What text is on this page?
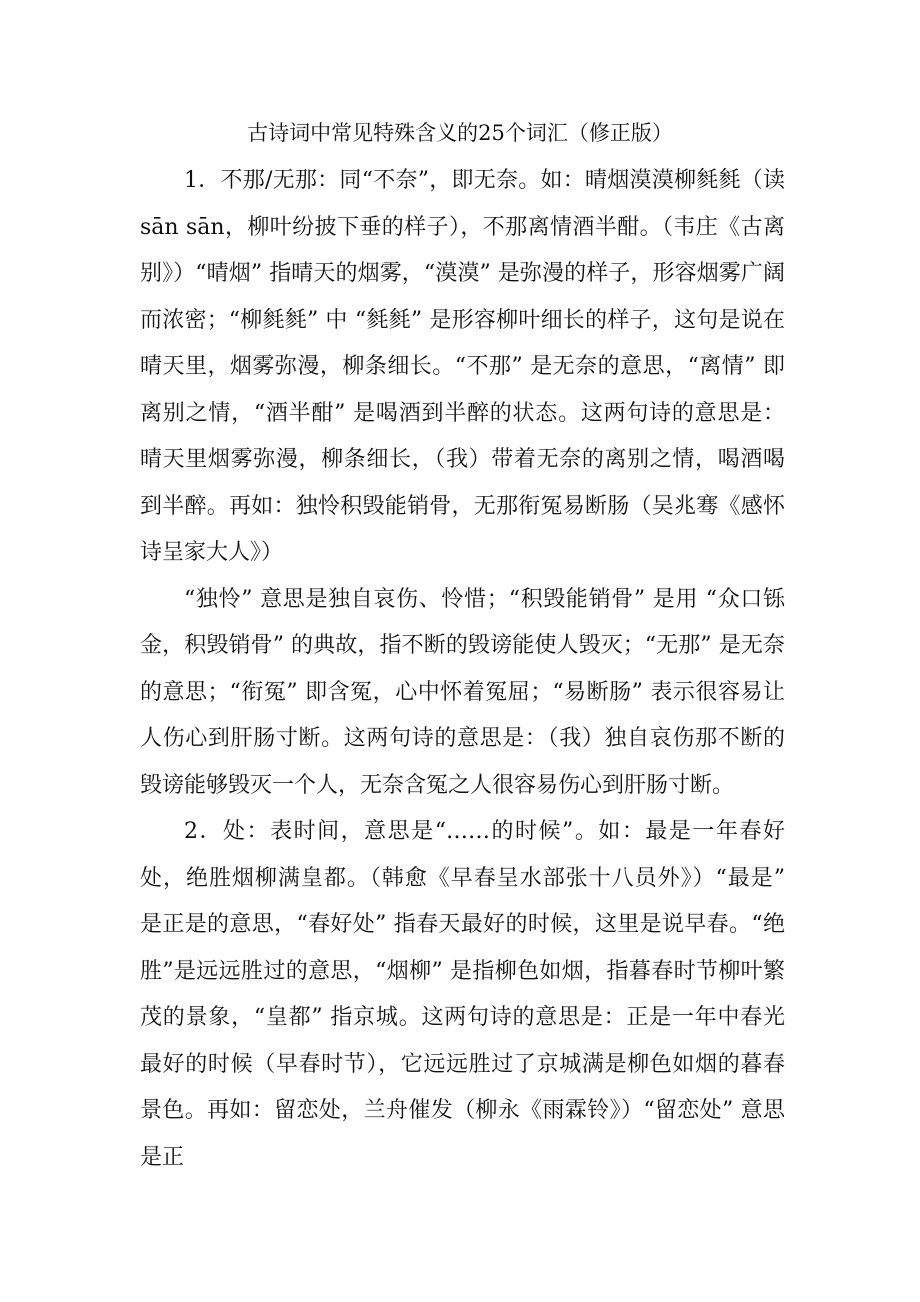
古诗词中常见特殊含义的25个词汇（修正版）

1．不那/无那：同“不奈”，即无奈。如：晴烟漠漠柳毵毵（读sān sān，柳叶纷披下垂的样子），不那离情酒半酣。（韦庄《古离别》）“晴烟” 指晴天的烟雾，“漠漠” 是弥漫的样子，形容烟雾广阔而浓密；“柳毵毵” 中 “毵毵” 是形容柳叶细长的样子，这句是说在晴天里，烟雾弥漫，柳条细长。“不那” 是无奈的意思，“离情” 即离别之情，“酒半酣” 是喝酒到半醉的状态。这两句诗的意思是：晴天里烟雾弥漫，柳条细长，（我）带着无奈的离别之情，喝酒喝到半醉。再如：独怜积毁能销骨，无那衔冤易断肠（吴兆骞《感怀诗呈家大人》）

“独怜” 意思是独自哀伤、怜惜；“积毁能销骨” 是用 “众口铄金，积毁销骨” 的典故，指不断的毁谤能使人毁灭；“无那” 是无奈的意思；“衔冤” 即含冤，心中怀着冤屈；“易断肠” 表示很容易让人伤心到肝肠寸断。这两句诗的意思是：（我）独自哀伤那不断的毁谤能够毁灭一个人，无奈含冤之人很容易伤心到肝肠寸断。

2．处：表时间，意思是“……的时候”。如：最是一年春好处，绝胜烟柳满皇都。（韩愈《早春呈水部张十八员外》）“最是” 是正是的意思，“春好处” 指春天最好的时候，这里是说早春。“绝胜”是远远胜过的意思，“烟柳” 是指柳色如烟，指暮春时节柳叶繁茂的景象，“皇都” 指京城。这两句诗的意思是：正是一年中春光最好的时候（早春时节），它远远胜过了京城满是柳色如烟的暮春景色。再如：留恋处，兰舟催发（柳永《雨霖铃》）“留恋处” 意思是正
